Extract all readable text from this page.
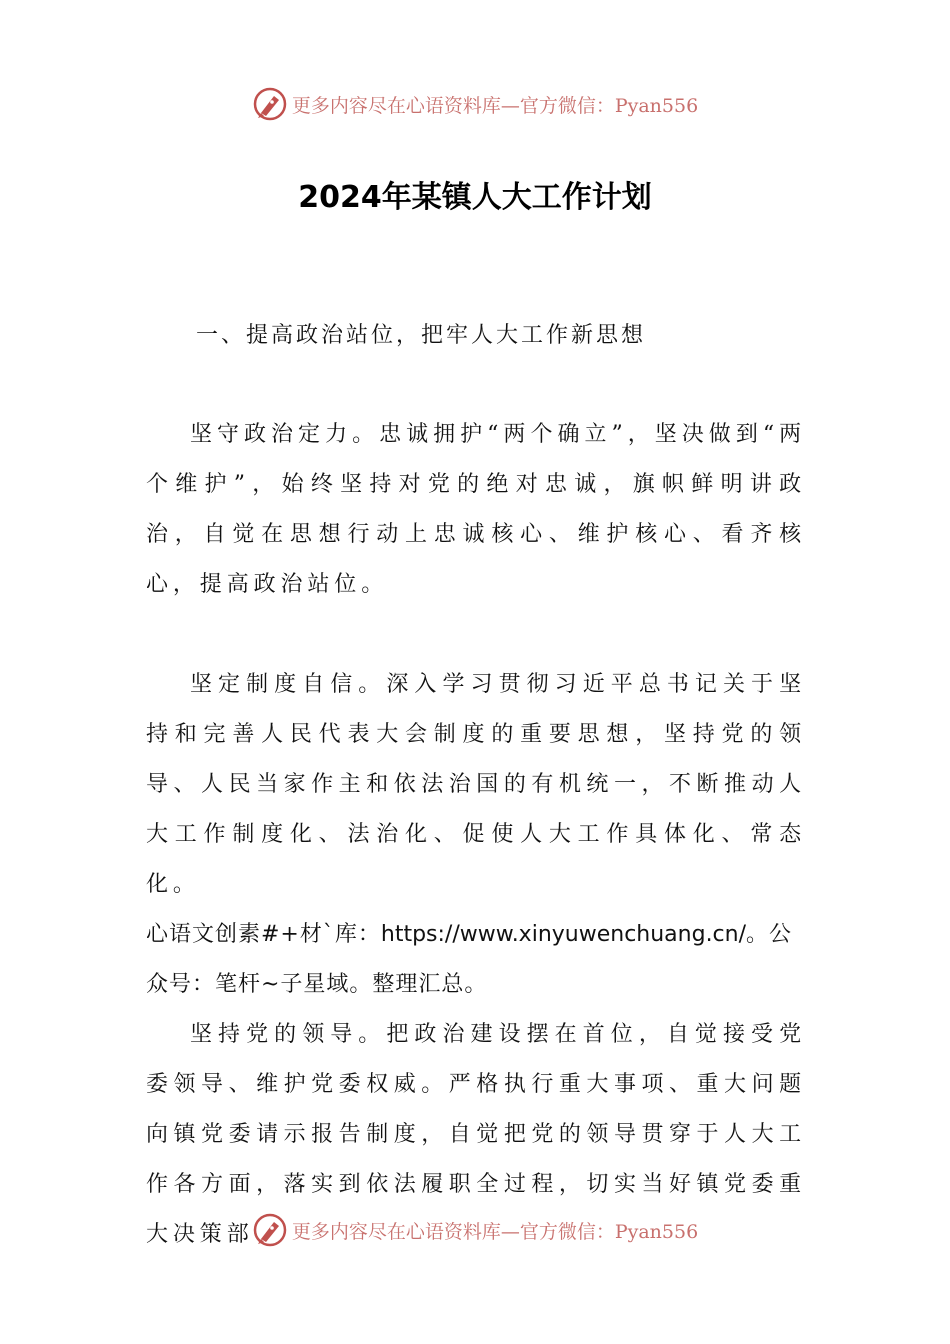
更多内容尽在心语资料库—官方微信：Pyan556
2024年某镇人大工作计划
一、提高政治站位，把牢人大工作新思想

坚守政治定力。忠诚拥护“两个确立”，坚决做到“两个维护”，始终坚持对党的绝对忠诚，旗帜鲜明讲政治，自觉在思想行动上忠诚核心、维护核心、看齐核心，提高政治站位。

坚定制度自信。深入学习贯彻习近平总书记关于坚持和完善人民代表大会制度的重要思想，坚持党的领导、人民当家作主和依法治国的有机统一，不断推动人大工作制度化、法治化、促使人大工作具体化、常态化。

心语文创素#+材`库：https://www.xinyuwenchuang.cn/。公众号：笔杆~子星域。整理汇总。

坚持党的领导。把政治建设摆在首位，自觉接受党委领导、维护党委权威。严格执行重大事项、重大问题向镇党委请示报告制度，自觉把党的领导贯穿于人大工作各方面，落实到依法履职全过程，切实当好镇党委重大决策部	更多内容尽在心语资料库—官方微信：Pyan556
